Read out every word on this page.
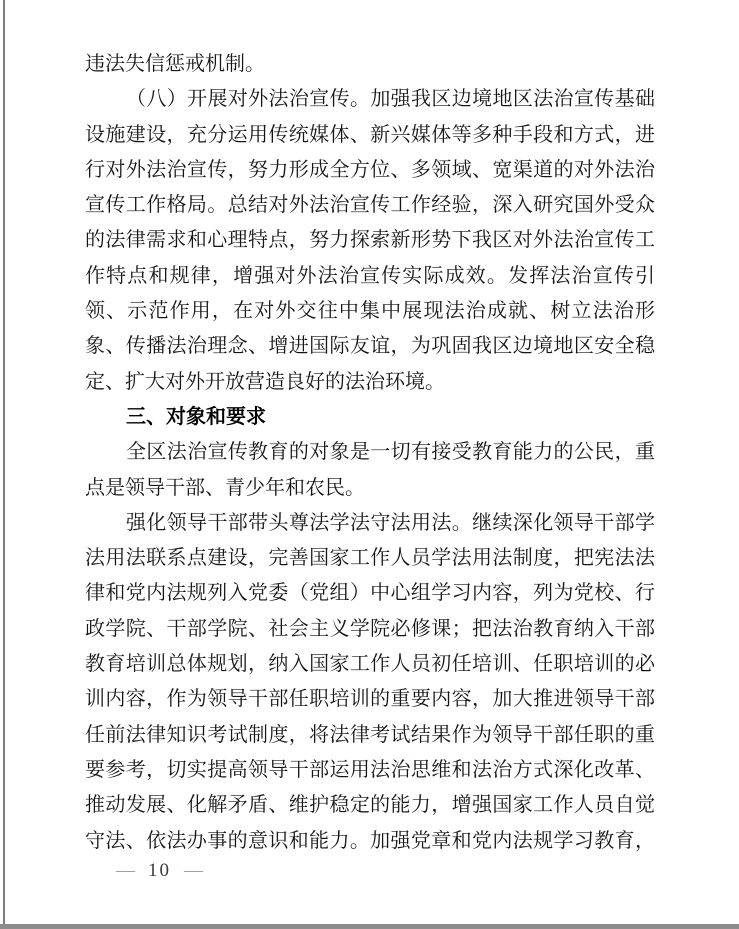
违法失信惩戒机制。
（八）开展对外法治宣传。加强我区边境地区法治宣传基础
设施建设，充分运用传统媒体、新兴媒体等多种手段和方式，进
行对外法治宣传，努力形成全方位、多领域、宽渠道的对外法治
宣传工作格局。总结对外法治宣传工作经验，深入研究国外受众
的法律需求和心理特点，努力探索新形势下我区对外法治宣传工
作特点和规律，增强对外法治宣传实际成效。发挥法治宣传引
领、示范作用，在对外交往中集中展现法治成就、树立法治形
象、传播法治理念、增进国际友谊，为巩固我区边境地区安全稳
定、扩大对外开放营造良好的法治环境。
三、对象和要求
全区法治宣传教育的对象是一切有接受教育能力的公民，重
点是领导干部、青少年和农民。
强化领导干部带头尊法学法守法用法。继续深化领导干部学
法用法联系点建设，完善国家工作人员学法用法制度，把宪法法
律和党内法规列入党委（党组）中心组学习内容，列为党校、行
政学院、干部学院、社会主义学院必修课；把法治教育纳入干部
教育培训总体规划，纳入国家工作人员初任培训、任职培训的必
训内容，作为领导干部任职培训的重要内容，加大推进领导干部
任前法律知识考试制度，将法律考试结果作为领导干部任职的重
要参考，切实提高领导干部运用法治思维和法治方式深化改革、
推动发展、化解矛盾、维护稳定的能力，增强国家工作人员自觉
守法、依法办事的意识和能力。加强党章和党内法规学习教育，
— 10 —
